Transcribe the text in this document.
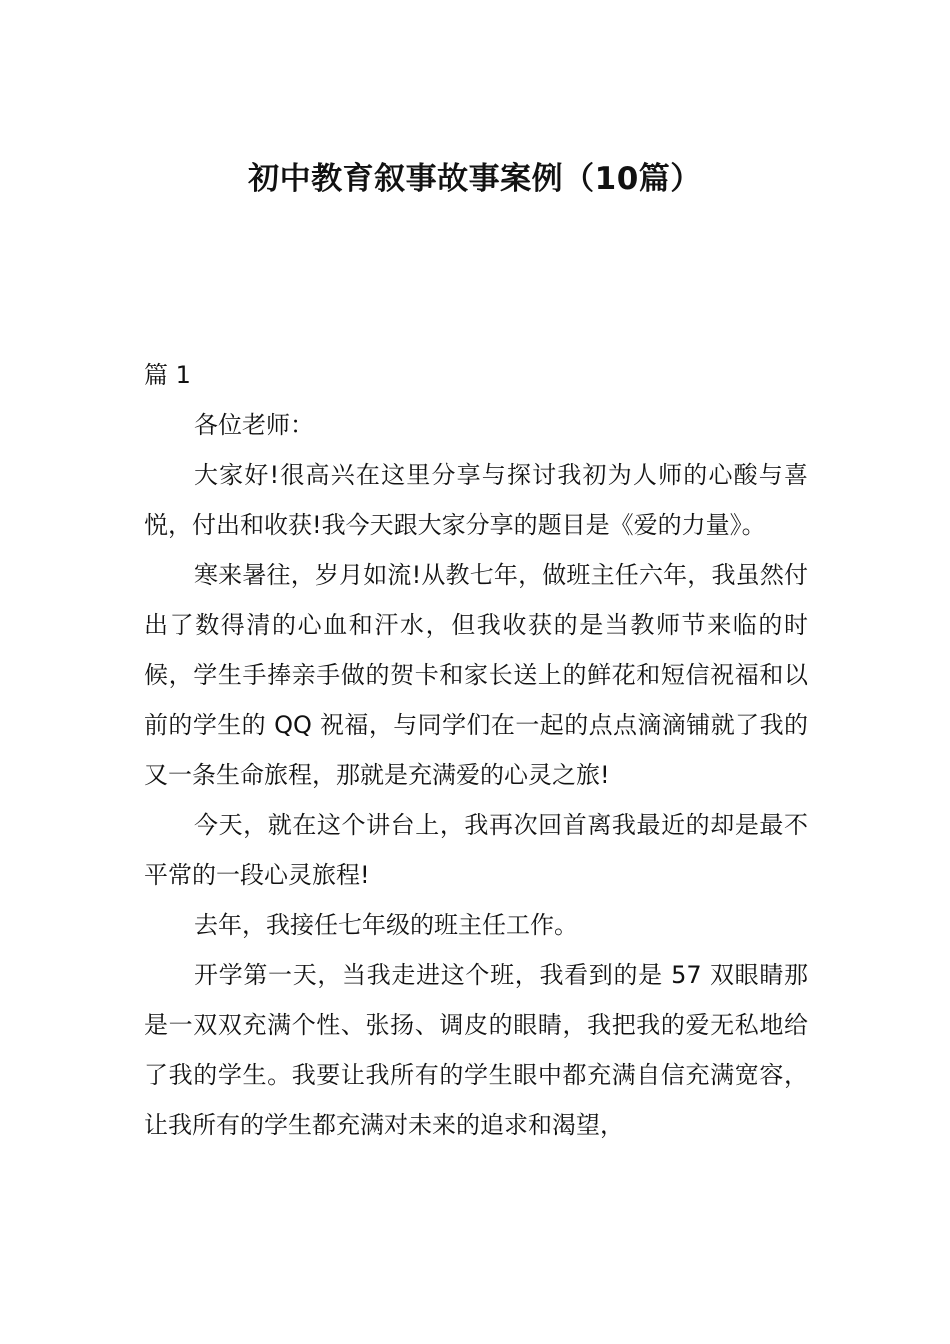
初中教育叙事故事案例（10篇）

篇 1

各位老师：

大家好!很高兴在这里分享与探讨我初为人师的心酸与喜悦，付出和收获!我今天跟大家分享的题目是《爱的力量》。

寒来暑往，岁月如流!从教七年，做班主任六年，我虽然付出了数得清的心血和汗水，但我收获的是当教师节来临的时候，学生手捧亲手做的贺卡和家长送上的鲜花和短信祝福和以前的学生的 QQ 祝福，与同学们在一起的点点滴滴铺就了我的又一条生命旅程，那就是充满爱的心灵之旅!

今天，就在这个讲台上，我再次回首离我最近的却是最不平常的一段心灵旅程!

去年，我接任七年级的班主任工作。

开学第一天，当我走进这个班，我看到的是 57 双眼睛那是一双双充满个性、张扬、调皮的眼睛，我把我的爱无私地给了我的学生。我要让我所有的学生眼中都充满自信充满宽容，让我所有的学生都充满对未来的追求和渴望，
